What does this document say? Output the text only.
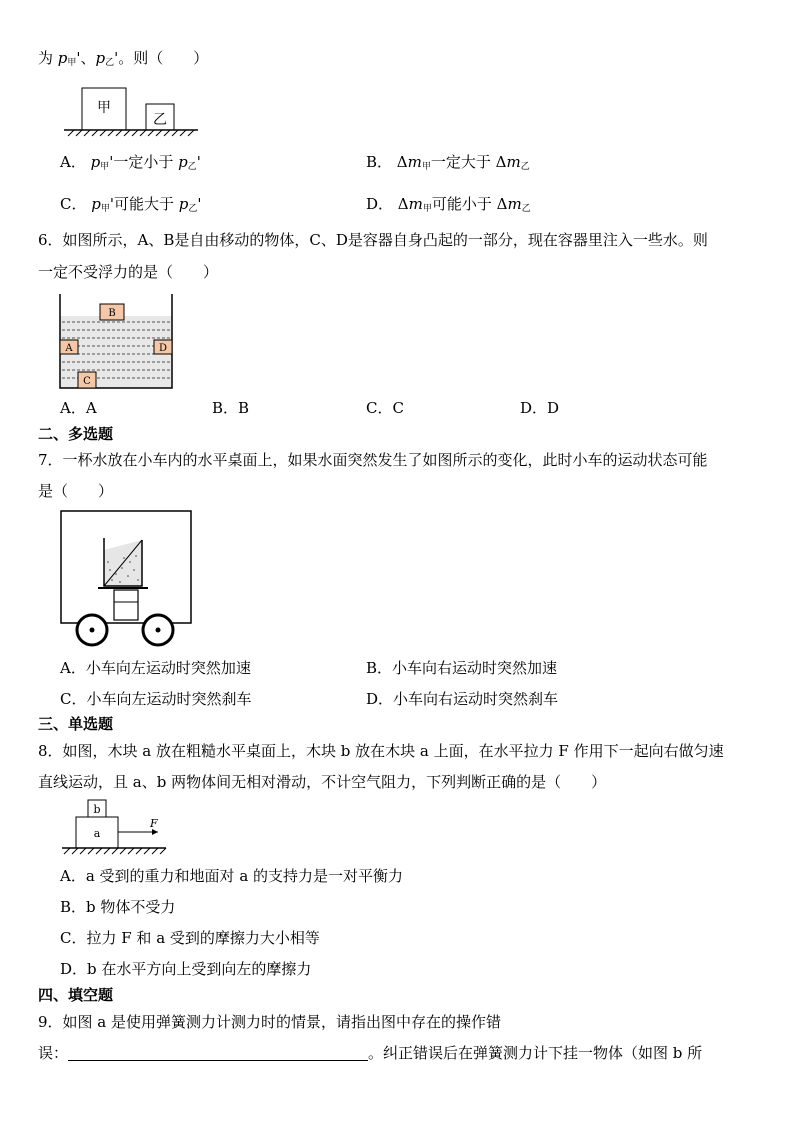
为 $p_甲'$、$p_乙'$。则（　　）
甲
乙
A． $p_甲'$一定小于 $p_乙'$	B． $\Delta m_甲$一定大于 $\Delta m_乙$
C． $p_甲'$可能大于 $p_乙'$	D． $\Delta m_甲$可能小于 $\Delta m_乙$
6．如图所示，A、B是自由移动的物体，C、D是容器自身凸起的一部分，现在容器里注入一些水。则
一定不受浮力的是（　　）
B
A	D
C
A．A	B．B	C．C	D．D
二、多选题
7．一杯水放在小车内的水平桌面上，如果水面突然发生了如图所示的变化，此时小车的运动状态可能
是（　　）
A．小车向左运动时突然加速	B．小车向右运动时突然加速
C．小车向左运动时突然刹车	D．小车向右运动时突然刹车
三、单选题
8．如图，木块 a 放在粗糙水平桌面上，木块 b 放在木块 a 上面，在水平拉力 F 作用下一起向右做匀速
直线运动，且 a、b 两物体间无相对滑动，不计空气阻力，下列判断正确的是（　　）
b
a
F
A．a 受到的重力和地面对 a 的支持力是一对平衡力
B．b 物体不受力
C．拉力 F 和 a 受到的摩擦力大小相等
D．b 在水平方向上受到向左的摩擦力
四、填空题
9．如图 a 是使用弹簧测力计测力时的情景，请指出图中存在的操作错
误：	。纠正错误后在弹簧测力计下挂一物体（如图 b 所
